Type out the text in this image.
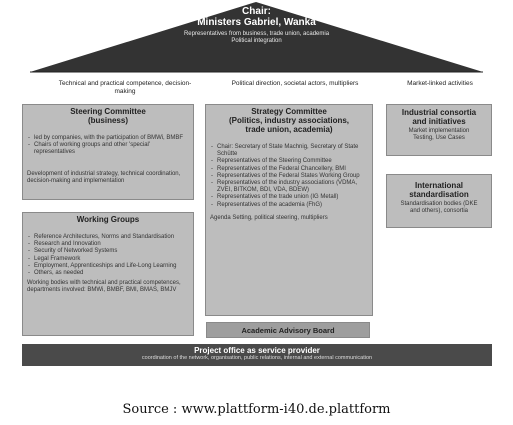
Chair:
Ministers Gabriel, Wanka
Representatives from business, trade union, academia
Political integration
Technical and practical competence, decision-making
Political direction, societal actors, multipliers	Market-linked activities
Steering Committee
(business)
- led by companies, with the participation of BMWi, BMBF
- Chairs of working groups and other 'special' representatives
Development of industrial strategy, technical coordination, decision-making and implementation
Working Groups
- Reference Architectures, Norms and Standardisation
- Research and Innovation
- Security of Networked Systems
- Legal Framework
- Employment, Apprenticeships and Life-Long Learning
- Others, as needed
Working bodies with technical and practical competences, departments involved: BMWi, BMBF, BMI, BMAS, BMJV
Strategy Committee
(Politics, industry associations,
trade union, academia)
- Chair: Secretary of State Machnig, Secretary of State Schütte
- Representatives of the Steering Committee
- Representatives of the Federal Chancellery, BMI
- Representatives of the Federal States Working Group
- Representatives of the industry associations (VDMA, ZVEI, BITKOM, BDI, VDA, BDEW)
- Representatives of the trade union (IG Metall)
- Representatives of the academia (FhG)
Agenda Setting, political steering, multipliers
Academic Advisory Board
Industrial consortia
and initiatives
Market implementation
Testing, Use Cases
International
standardisation
Standardisation bodies (DKE
and others), consortia
Project office as service provider
coordination of the network, organisation, public relations, internal and external communication
Source : www.plattform-i40.de.plattform
